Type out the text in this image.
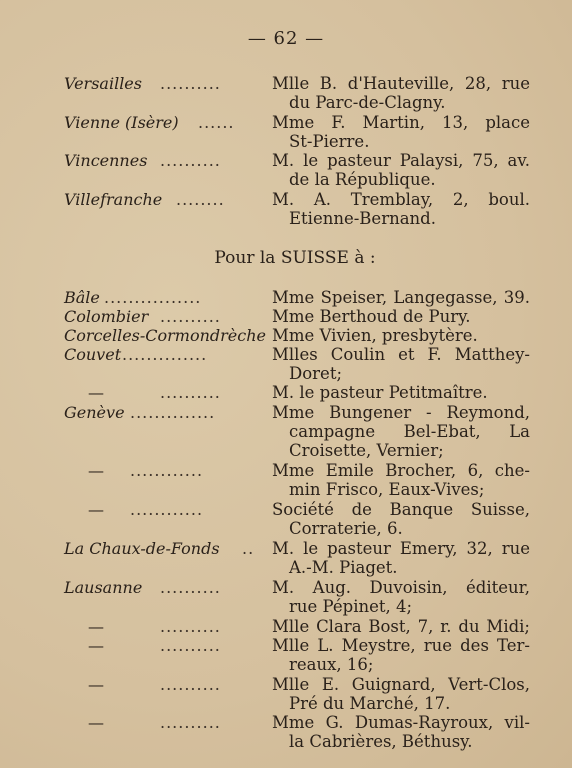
— 62 —
Versailles ..........	Mlle B. d'Hauteville, 28, rue
du Parc-de-Clagny.
Vienne (Isère) ...... Mme F. Martin, 13, place
St-Pierre.
Vincennes ..........	M. le pasteur Palaysi, 75, av.
de la République.
Villefranche ........	M. A. Tremblay, 2, boul.
Etienne-Bernand.
Pour la SUISSE à :
Bâle ................	Mme Speiser, Langegasse, 39.
Colombier ..........	Mme Berthoud de Pury.
Corcelles-Cormondrèche Mme Vivien, presbytère.
Couvet ..............	Mlles Coulin et F. Matthey-
Doret;
—	..........	M. le pasteur Petitmaître.
Genève ..............	Mme Bungener - Reymond,
campagne Bel-Ebat, La
Croisette, Vernier;
— ............	Mme Emile Brocher, 6, che-
min Frisco, Eaux-Vives;
— ............	Société de Banque Suisse,
Corraterie, 6.
La Chaux-de-Fonds .. M. le pasteur Emery, 32, rue
A.-M. Piaget.
Lausanne ..........	M. Aug. Duvoisin, éditeur,
rue Pépinet, 4;
—	..........	Mlle Clara Bost, 7, r. du Midi;
—	..........	Mlle L. Meystre, rue des Ter-
reaux, 16;
—	..........	Mlle E. Guignard, Vert-Clos,
Pré du Marché, 17.
—	..........	Mme G. Dumas-Rayroux, vil-
la Cabrières, Béthusy.
